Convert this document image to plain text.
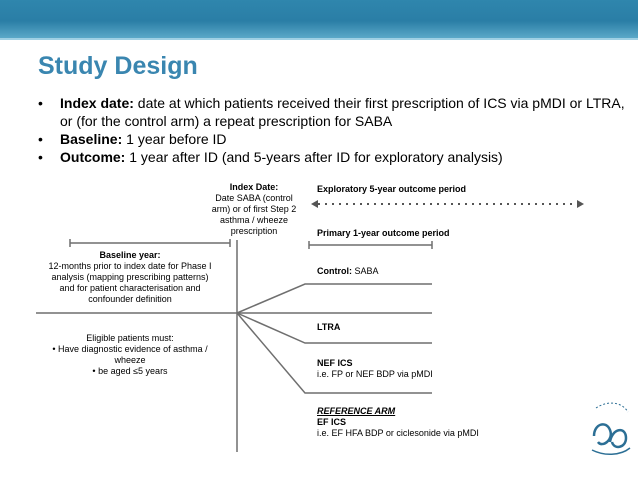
Study Design
• Index date: date at which patients received their first prescription of ICS via pMDI or LTRA, or (for the control arm) a repeat prescription for SABA
• Baseline: 1 year before ID
• Outcome: 1 year after ID (and 5-years after ID for exploratory analysis)
Index Date:
Date SABA (control
arm) or of first Step 2
asthma / wheeze
prescription
Exploratory 5-year outcome period
Primary 1-year outcome period
Baseline year:
12-months prior to index date for Phase I
analysis (mapping prescribing patterns)
and for patient characterisation and
confounder definition
Eligible patients must:
• Have diagnostic evidence of asthma /
wheeze
• be aged ≤5 years
Control: SABA
LTRA
NEF ICS
i.e. FP or NEF BDP via pMDI
REFERENCE ARM
EF ICS
i.e. EF HFA BDP or ciclesonide via pMDI
